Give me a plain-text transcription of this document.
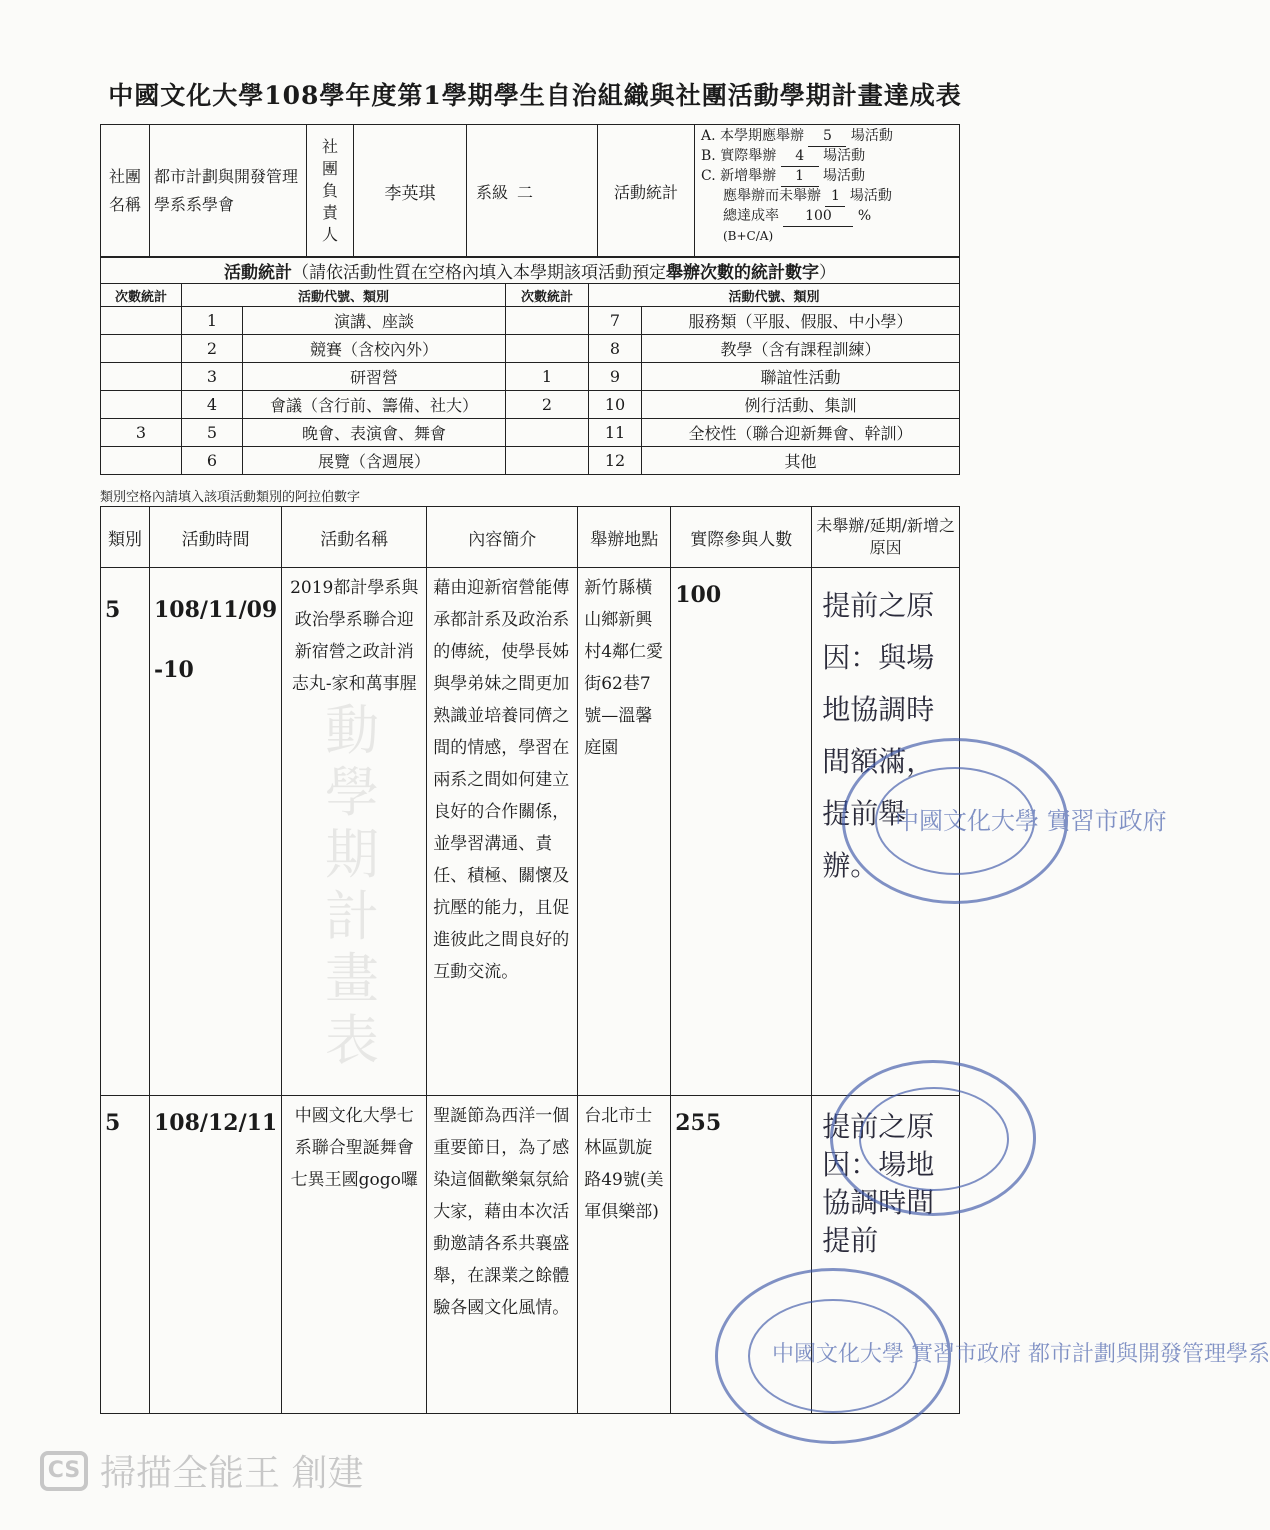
中國文化大學108學年度第1學期學生自治組織與社團活動學期計畫達成表
社團名稱	都市計劃與開發管理學系系學會	社團負責人	李英琪	系級	二	活動統計	
A. 本學期應舉辦 5 場活動
B. 實際舉辦 4 場活動
C. 新增舉辦 1 場活動
應舉辦而未舉辦 1 場活動
總達成率 100 %
(B+C/A)
活動統計（請依活動性質在空格內填入本學期該項活動預定舉辦次數的統計數字）					
次數統計	活動代號、類別		次數統計	活動代號、類別	
	1	演講、座談		7	服務類（平服、假服、中小學）
	2	競賽（含校內外）		8	教學（含有課程訓練）
	3	研習營	1	9	聯誼性活動
	4	會議（含行前、籌備、社大）	2	10	例行活動、集訓
3	5	晚會、表演會、舞會		11	全校性（聯合迎新舞會、幹訓）
	6	展覽（含週展）		12	其他
類別空格內請填入該項活動類別的阿拉伯數字
類別	活動時間	活動名稱	內容簡介	舉辦地點	實際參與人數	未舉辦/延期/新增之原因
5	108/11/09-10	2019都計學系與政治學系聯合迎新宿營之政計消志丸-家和萬事腥	藉由迎新宿營能傳承都計系及政治系的傳統，使學長姊與學弟妹之間更加熟識並培養同儕之間的情感，學習在兩系之間如何建立良好的合作關係，並學習溝通、責任、積極、關懷及抗壓的能力，且促進彼此之間良好的互動交流。	新竹縣橫山鄉新興村4鄰仁愛街62巷7號—溫馨庭園	100	提前之原因：與場地協調時間額滿，提前舉辦。
5	108/12/11	中國文化大學七系聯合聖誕舞會七異王國gogo囉	聖誕節為西洋一個重要節日，為了感染這個歡樂氣氛給大家，藉由本次活動邀請各系共襄盛舉，在課業之餘體驗各國文化風情。	台北市士林區凱旋路49號(美軍俱樂部)	255	提前之原因：場地協調時間提前
動
學
期
計
畫
表
中國文化大學 實習市政府
中國文化大學 實習市政府 都市計劃與開發管理學系
CS 掃描全能王 創建
